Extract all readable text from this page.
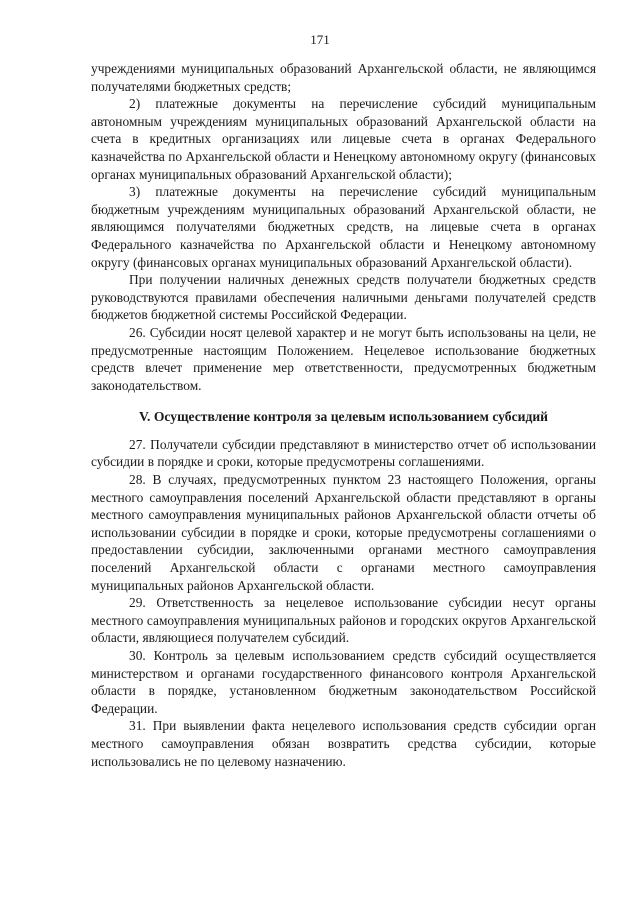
171

учреждениями муниципальных образований Архангельской области, не являющимся получателями бюджетных средств;

2) платежные документы на перечисление субсидий муниципальным автономным учреждениям муниципальных образований Архангельской области на счета в кредитных организациях или лицевые счета в органах Федерального казначейства по Архангельской области и Ненецкому автономному округу (финансовых органах муниципальных образований Архангельской области);

3) платежные документы на перечисление субсидий муниципальным бюджетным учреждениям муниципальных образований Архангельской области, не являющимся получателями бюджетных средств, на лицевые счета в органах Федерального казначейства по Архангельской области и Ненецкому автономному округу (финансовых органах муниципальных образований Архангельской области).

При получении наличных денежных средств получатели бюджетных средств руководствуются правилами обеспечения наличными деньгами получателей средств бюджетов бюджетной системы Российской Федерации.

26. Субсидии носят целевой характер и не могут быть использованы на цели, не предусмотренные настоящим Положением. Нецелевое использование бюджетных средств влечет применение мер ответственности, предусмотренных бюджетным законодательством.

V. Осуществление контроля за целевым использованием субсидий

27. Получатели субсидии представляют в министерство отчет об использовании субсидии в порядке и сроки, которые предусмотрены соглашениями.

28. В случаях, предусмотренных пунктом 23 настоящего Положения, органы местного самоуправления поселений Архангельской области представляют в органы местного самоуправления муниципальных районов Архангельской области отчеты об использовании субсидии в порядке и сроки, которые предусмотрены соглашениями о предоставлении субсидии, заключенными органами местного самоуправления поселений Архангельской области с органами местного самоуправления муниципальных районов Архангельской области.

29. Ответственность за нецелевое использование субсидии несут органы местного самоуправления муниципальных районов и городских округов Архангельской области, являющиеся получателем субсидий.

30. Контроль за целевым использованием средств субсидий осуществляется министерством и органами государственного финансового контроля Архангельской области в порядке, установленном бюджетным законодательством Российской Федерации.

31. При выявлении факта нецелевого использования средств субсидии орган местного самоуправления обязан возвратить средства субсидии, которые использовались не по целевому назначению.
